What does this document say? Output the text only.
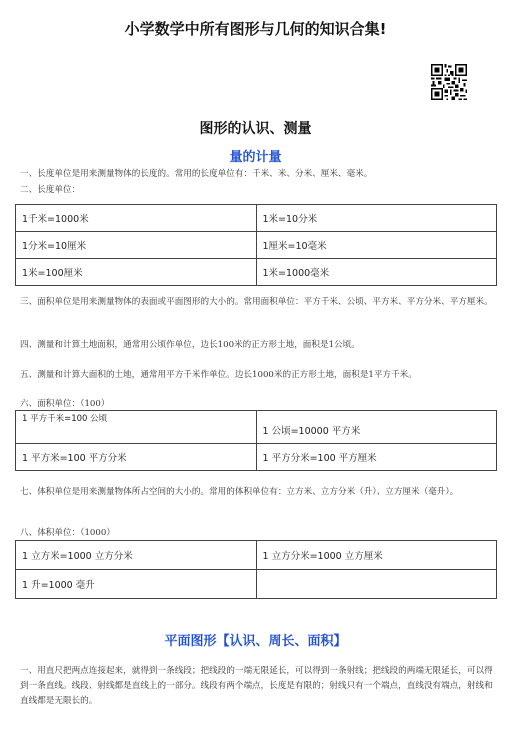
小学数学中所有图形与几何的知识合集!
图形的认识、测量
量的计量
一、长度单位是用来测量物体的长度的。常用的长度单位有：千米、米、分米、厘米、毫米。
二、长度单位：
1千米=1000米	1米=10分米
1分米=10厘米	1厘米=10毫米
1米=100厘米	1米=1000毫米
三、面积单位是用来测量物体的表面或平面图形的大小的。常用面积单位：平方千米、公顷、平方米、平方分米、平方厘米。
四、测量和计算土地面积，通常用公顷作单位，边长100米的正方形土地，面积是1公顷。
五、测量和计算大面积的土地，通常用平方千米作单位。边长1000米的正方形土地，面积是1平方千米。
六、面积单位：（100）
1 平方千米=100 公顷	1 公顷=10000 平方米
1 平方米=100 平方分米	1 平方分米=100 平方厘米
七、体积单位是用来测量物体所占空间的大小的。常用的体积单位有：立方米、立方分米（升）、立方厘米（毫升）。
八、体积单位：（1000）
1 立方米=1000 立方分米	1 立方分米=1000 立方厘米
1 升=1000 毫升	
平面图形【认识、周长、面积】
一、用直尺把两点连接起来，就得到一条线段；把线段的一端无限延长，可以得到一条射线；把线段的两端无限延长，可以得到一条直线。线段、射线都是直线上的一部分。线段有两个端点，长度是有限的；射线只有一个端点，直线没有端点，射线和直线都是无限长的。
